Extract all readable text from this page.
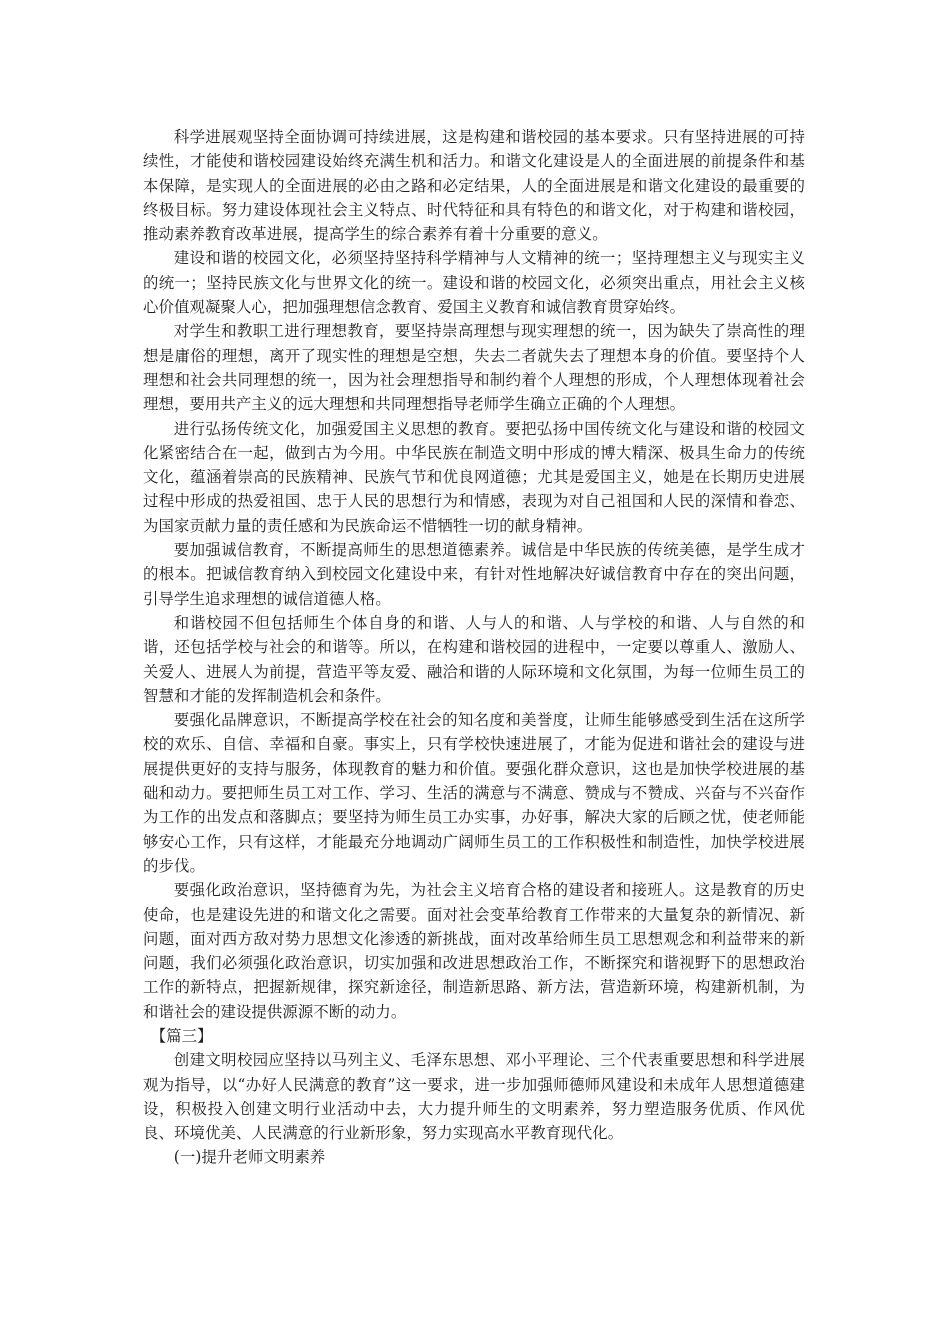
科学进展观坚持全面协调可持续进展，这是构建和谐校园的基本要求。只有坚持进展的可持续性，才能使和谐校园建设始终充满生机和活力。和谐文化建设是人的全面进展的前提条件和基本保障，是实现人的全面进展的必由之路和必定结果，人的全面进展是和谐文化建设的最重要的终极目标。努力建设体现社会主义特点、时代特征和具有特色的和谐文化，对于构建和谐校园，推动素养教育改革进展，提高学生的综合素养有着十分重要的意义。

建设和谐的校园文化，必须坚持坚持科学精神与人文精神的统一；坚持理想主义与现实主义的统一；坚持民族文化与世界文化的统一。建设和谐的校园文化，必须突出重点，用社会主义核心价值观凝聚人心，把加强理想信念教育、爱国主义教育和诚信教育贯穿始终。

对学生和教职工进行理想教育，要坚持崇高理想与现实理想的统一，因为缺失了崇高性的理想是庸俗的理想，离开了现实性的理想是空想，失去二者就失去了理想本身的价值。要坚持个人理想和社会共同理想的统一，因为社会理想指导和制约着个人理想的形成，个人理想体现着社会理想，要用共产主义的远大理想和共同理想指导老师学生确立正确的个人理想。

进行弘扬传统文化，加强爱国主义思想的教育。要把弘扬中国传统文化与建设和谐的校园文化紧密结合在一起，做到古为今用。中华民族在制造文明中形成的博大精深、极具生命力的传统文化，蕴涵着崇高的民族精神、民族气节和优良网道德；尤其是爱国主义，她是在长期历史进展过程中形成的热爱祖国、忠于人民的思想行为和情感，表现为对自己祖国和人民的深情和眷恋、为国家贡献力量的责任感和为民族命运不惜牺牲一切的献身精神。

要加强诚信教育，不断提高师生的思想道德素养。诚信是中华民族的传统美德，是学生成才的根本。把诚信教育纳入到校园文化建设中来，有针对性地解决好诚信教育中存在的突出问题，引导学生追求理想的诚信道德人格。

和谐校园不但包括师生个体自身的和谐、人与人的和谐、人与学校的和谐、人与自然的和谐，还包括学校与社会的和谐等。所以，在构建和谐校园的进程中，一定要以尊重人、激励人、关爱人、进展人为前提，营造平等友爱、融洽和谐的人际环境和文化氛围，为每一位师生员工的智慧和才能的发挥制造机会和条件。

要强化品牌意识，不断提高学校在社会的知名度和美誉度，让师生能够感受到生活在这所学校的欢乐、自信、幸福和自豪。事实上，只有学校快速进展了，才能为促进和谐社会的建设与进展提供更好的支持与服务，体现教育的魅力和价值。要强化群众意识，这也是加快学校进展的基础和动力。要把师生员工对工作、学习、生活的满意与不满意、赞成与不赞成、兴奋与不兴奋作为工作的出发点和落脚点；要坚持为师生员工办实事，办好事，解决大家的后顾之忧，使老师能够安心工作，只有这样，才能最充分地调动广阔师生员工的工作积极性和制造性，加快学校进展的步伐。

要强化政治意识，坚持德育为先，为社会主义培育合格的建设者和接班人。这是教育的历史使命，也是建设先进的和谐文化之需要。面对社会变革给教育工作带来的大量复杂的新情况、新问题，面对西方敌对势力思想文化渗透的新挑战，面对改革给师生员工思想观念和利益带来的新问题，我们必须强化政治意识，切实加强和改进思想政治工作，不断探究和谐视野下的思想政治工作的新特点，把握新规律，探究新途径，制造新思路、新方法，营造新环境，构建新机制，为和谐社会的建设提供源源不断的动力。

【篇三】

创建文明校园应坚持以马列主义、毛泽东思想、邓小平理论、三个代表重要思想和科学进展观为指导，以“办好人民满意的教育”这一要求，进一步加强师德师风建设和未成年人思想道德建设，积极投入创建文明行业活动中去，大力提升师生的文明素养，努力塑造服务优质、作风优良、环境优美、人民满意的行业新形象，努力实现高水平教育现代化。

(一)提升老师文明素养
